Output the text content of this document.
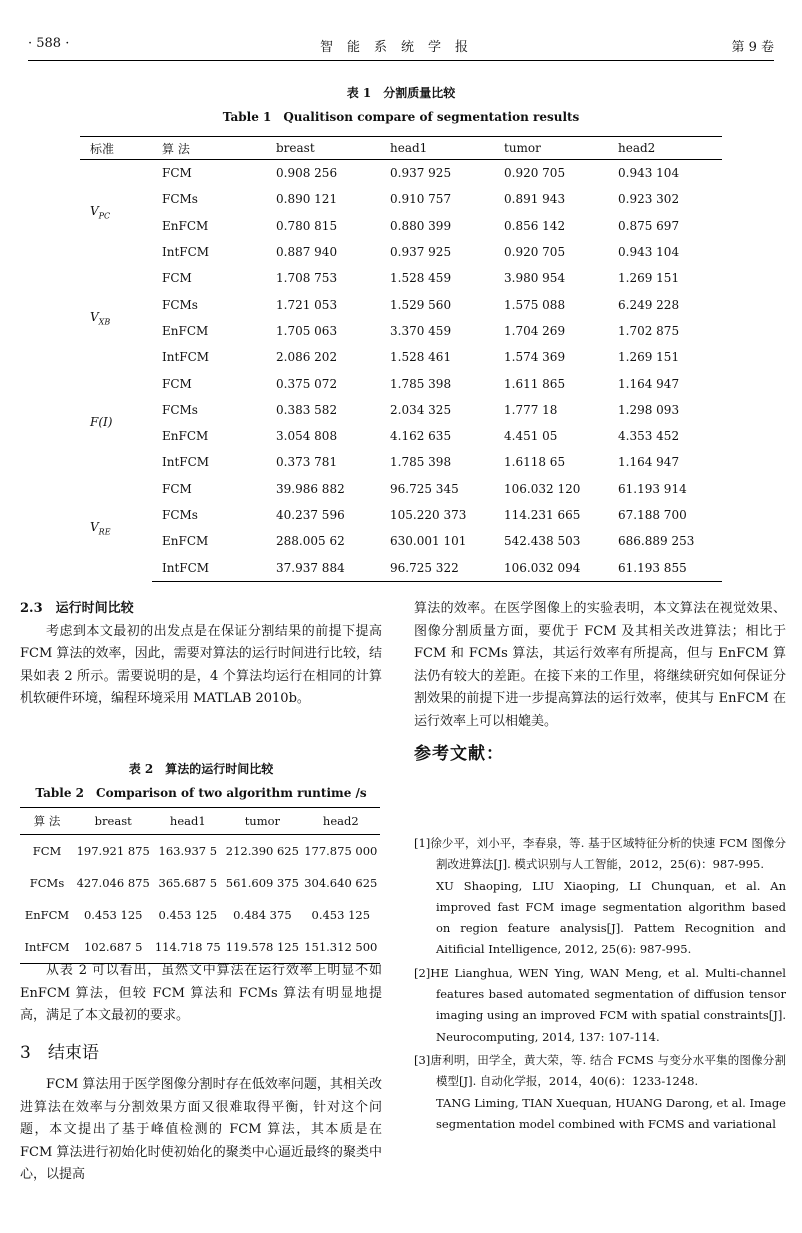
· 588 ·	智能系统学报	第 9 卷
表 1　分割质量比较
Table 1　Qualitison compare of segmentation results
标准	算 法	breast	head1	tumor	head2
$V_{PC}$	FCM	0.908 256	0.937 925	0.920 705	0.943 104
	FCMs	0.890 121	0.910 757	0.891 943	0.923 302
	EnFCM	0.780 815	0.880 399	0.856 142	0.875 697
	IntFCM	0.887 940	0.937 925	0.920 705	0.943 104
$V_{XB}$	FCM	1.708 753	1.528 459	3.980 954	1.269 151
	FCMs	1.721 053	1.529 560	1.575 088	6.249 228
	EnFCM	1.705 063	3.370 459	1.704 269	1.702 875
	IntFCM	2.086 202	1.528 461	1.574 369	1.269 151
F(I)	FCM	0.375 072	1.785 398	1.611 865	1.164 947
	FCMs	0.383 582	2.034 325	1.777 18	1.298 093
	EnFCM	3.054 808	4.162 635	4.451 05	4.353 452
	IntFCM	0.373 781	1.785 398	1.6118 65	1.164 947
$V_{RE}$	FCM	39.986 882	96.725 345	106.032 120	61.193 914
	FCMs	40.237 596	105.220 373	114.231 665	67.188 700
	EnFCM	288.005 62	630.001 101	542.438 503	686.889 253
	IntFCM	37.937 884	96.725 322	106.032 094	61.193 855
2.3　运行时间比较

考虑到本文最初的出发点是在保证分割结果的前提下提高 FCM 算法的效率，因此，需要对算法的运行时间进行比较，结果如表 2 所示。需要说明的是，4 个算法均运行在相同的计算机软硬件环境，编程环境采用 MATLAB 2010b。

表 2　算法的运行时间比较
Table 2　Comparison of two algorithm runtime /s
算 法	breast	head1	tumor	head2
FCM	197.921 875	163.937 5	212.390 625	177.875 000
FCMs	427.046 875	365.687 5	561.609 375	304.640 625
EnFCM	0.453 125	0.453 125	0.484 375	0.453 125
IntFCM	102.687 5	114.718 75	119.578 125	151.312 500

从表 2 可以看出，虽然文中算法在运行效率上明显不如 EnFCM 算法，但较 FCM 算法和 FCMs 算法有明显地提高，满足了本文最初的要求。

3　结束语

FCM 算法用于医学图像分割时存在低效率问题，其相关改进算法在效率与分割效果方面又很难取得平衡，针对这个问题，本文提出了基于峰值检测的 FCM 算法，其本质是在 FCM 算法进行初始化时使初始化的聚类中心逼近最终的聚类中心，以提高

算法的效率。在医学图像上的实验表明，本文算法在视觉效果、图像分割质量方面，要优于 FCM 及其相关改进算法；相比于 FCM 和 FCMs 算法，其运行效率有所提高，但与 EnFCM 算法仍有较大的差距。在接下来的工作里，将继续研究如何保证分割效果的前提下进一步提高算法的运行效率，使其与 EnFCM 在运行效率上可以相媲美。

参考文献：

[1]徐少平，刘小平，李春泉，等. 基于区域特征分析的快速 FCM 图像分割改进算法[J]. 模式识别与人工智能，2012，25(6)：987-995.
XU Shaoping, LIU Xiaoping, LI Chunquan, et al. An improved fast FCM image segmentation algorithm based on region feature analysis[J]. Pattem Recognition and Aitificial Intelligence, 2012, 25(6): 987-995.

[2]HE Lianghua, WEN Ying, WAN Meng, et al. Multi-channel features based automated segmentation of diffusion tensor imaging using an improved FCM with spatial constraints[J]. Neurocomputing, 2014, 137: 107-114.

[3]唐利明，田学全，黄大荣，等. 结合 FCMS 与变分水平集的图像分割模型[J]. 自动化学报，2014，40(6)：1233-1248.
TANG Liming, TIAN Xuequan, HUANG Darong, et al. Image segmentation model combined with FCMS and variational
